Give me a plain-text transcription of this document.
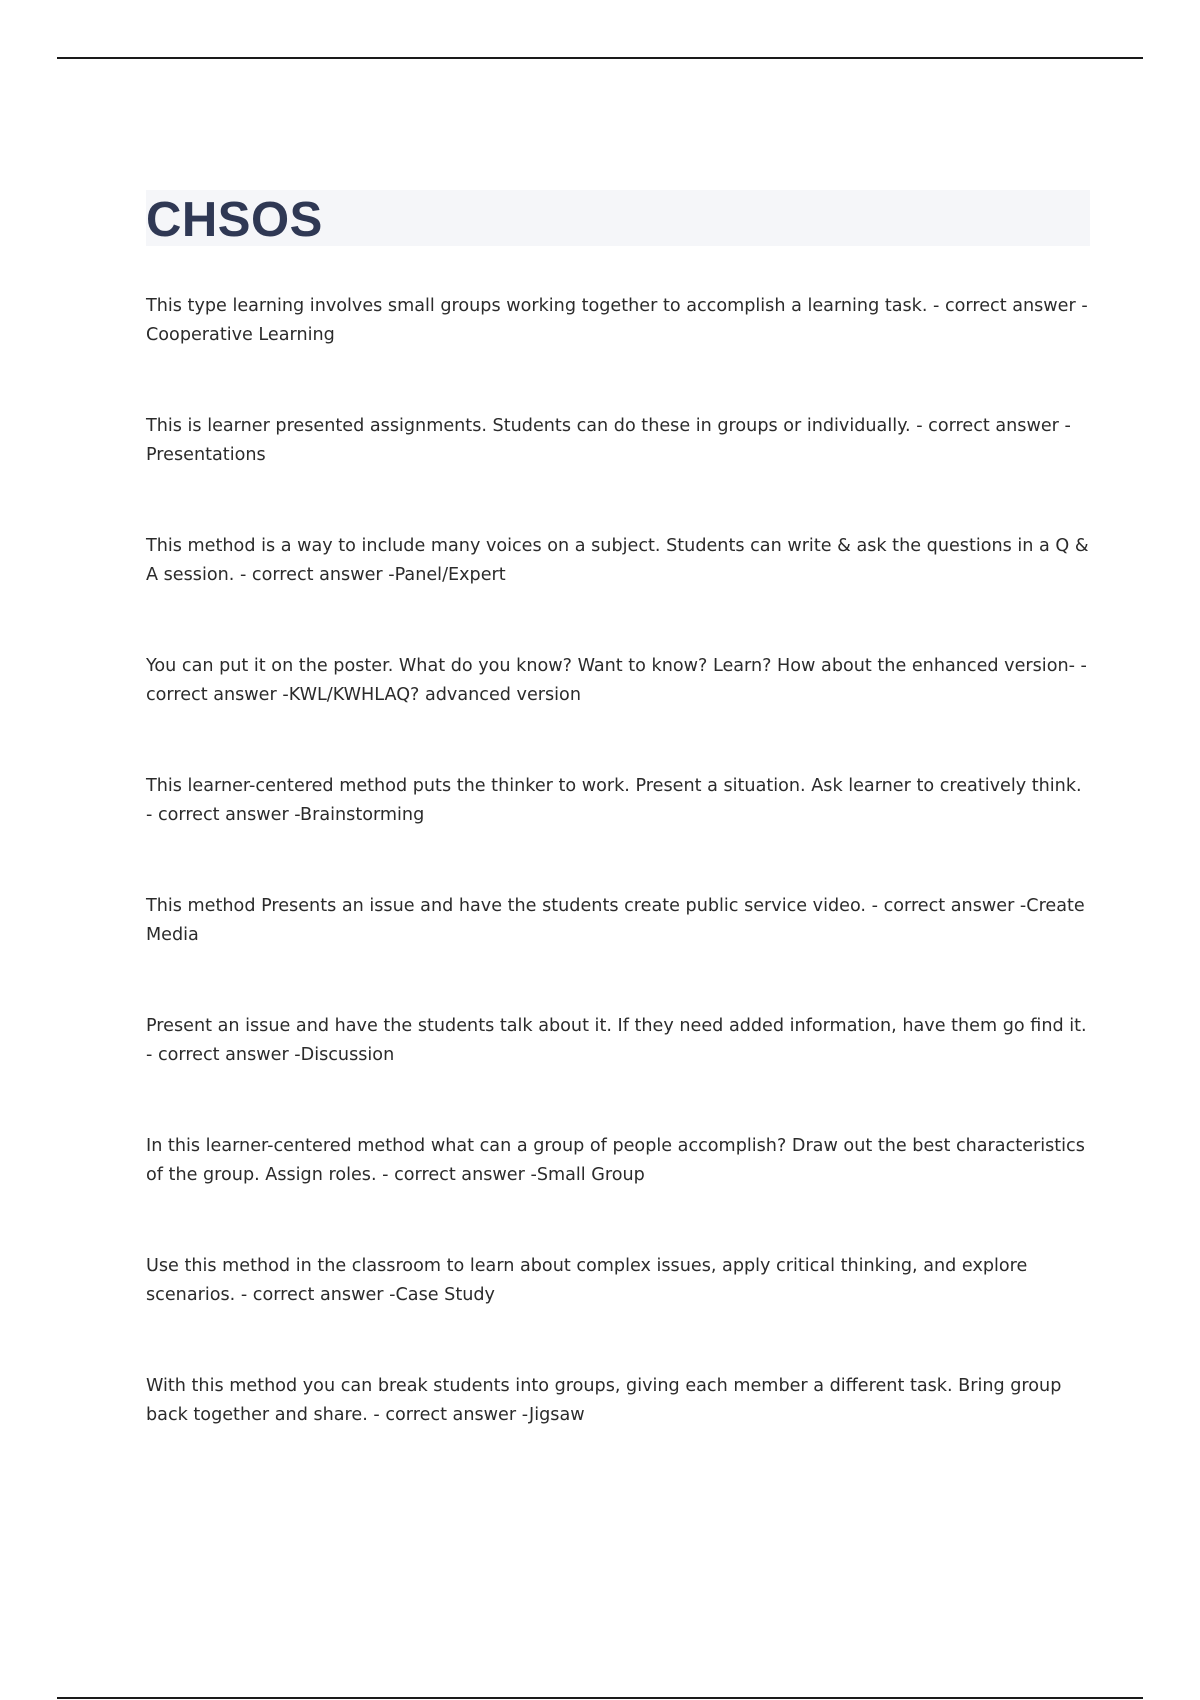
CHSOS

This type learning involves small groups working together to accomplish a learning task. - correct answer -Cooperative Learning

This is learner presented assignments. Students can do these in groups or individually. - correct answer -Presentations

This method is a way to include many voices on a subject. Students can write & ask the questions in a Q & A session. - correct answer -Panel/Expert

You can put it on the poster. What do you know? Want to know? Learn? How about the enhanced version-- correct answer -KWL/KWHLAQ? advanced version

This learner-centered method puts the thinker to work. Present a situation. Ask learner to creatively think.- correct answer -Brainstorming

This method Presents an issue and have the students create public service video. - correct answer -Create Media

Present an issue and have the students talk about it. If they need added information, have them go find it.- correct answer -Discussion

In this learner-centered method what can a group of people accomplish? Draw out the best characteristics of the group. Assign roles. - correct answer -Small Group

Use this method in the classroom to learn about complex issues, apply critical thinking, and explore scenarios. - correct answer -Case Study

With this method you can break students into groups, giving each member a different task. Bring group back together and share. - correct answer -Jigsaw
